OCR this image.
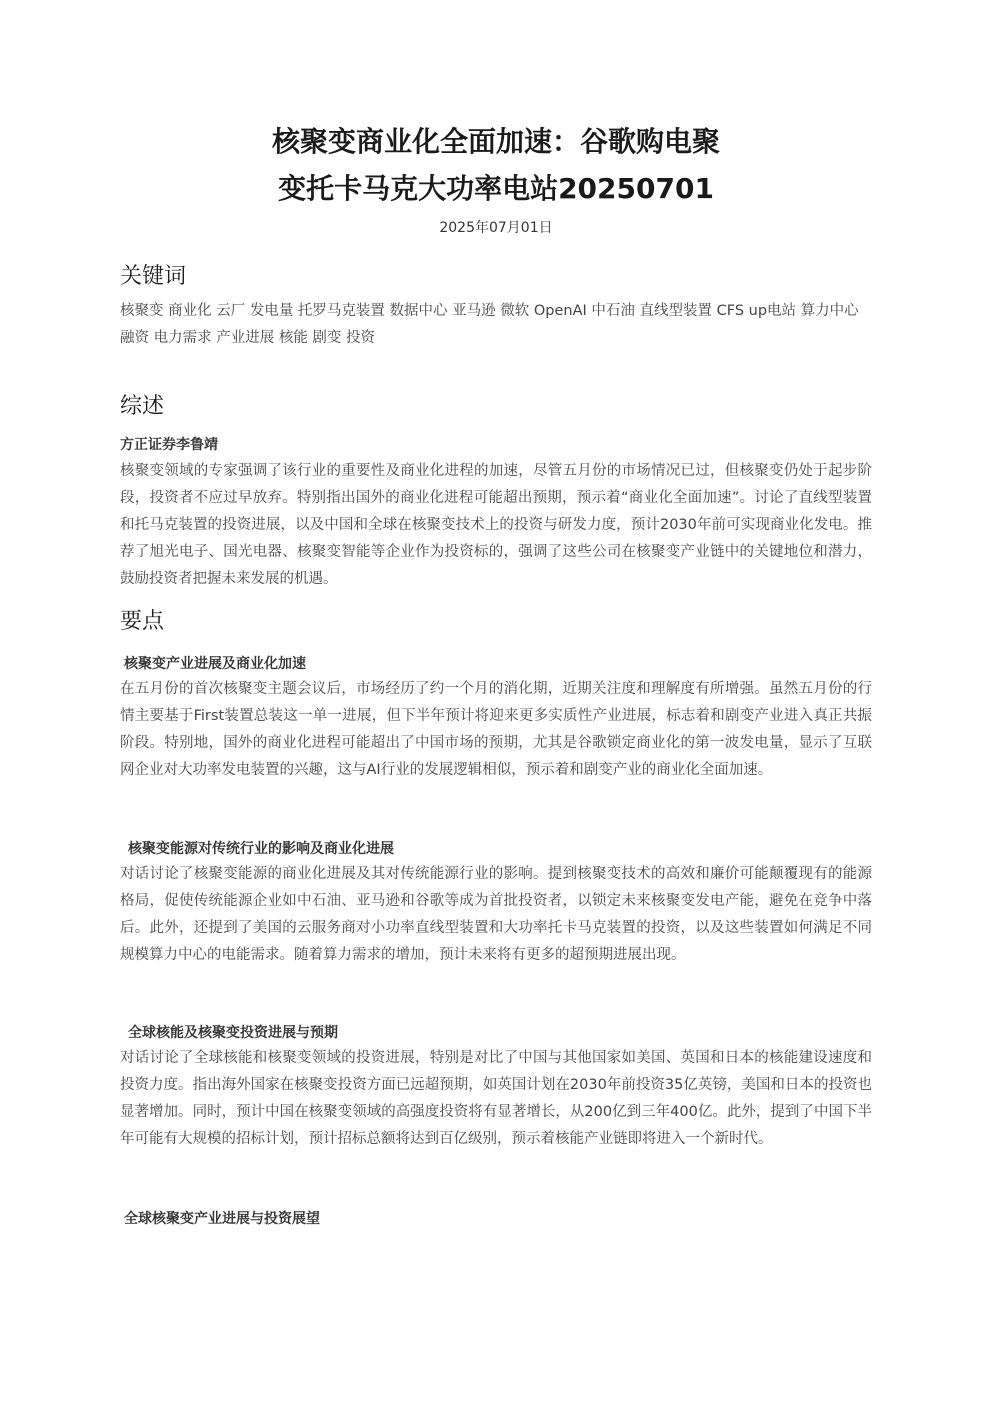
核聚变商业化全面加速：谷歌购电聚
变托卡马克大功率电站20250701
2025年07月01日
关键词
核聚变 商业化 云厂 发电量 托罗马克装置 数据中心 亚马逊 微软 OpenAI 中石油 直线型装置 CFS up电站 算力中心 融资 电力需求 产业进展 核能 剧变 投资
综述
方正证券李鲁靖

核聚变领域的专家强调了该行业的重要性及商业化进程的加速，尽管五月份的市场情况已过，但核聚变仍处于起步阶段，投资者不应过早放弃。特别指出国外的商业化进程可能超出预期，预示着“商业化全面加速”。讨论了直线型装置和托马克装置的投资进展，以及中国和全球在核聚变技术上的投资与研发力度，预计2030年前可实现商业化发电。推荐了旭光电子、国光电器、核聚变智能等企业作为投资标的，强调了这些公司在核聚变产业链中的关键地位和潜力，鼓励投资者把握未来发展的机遇。

要点
核聚变产业进展及商业化加速

在五月份的首次核聚变主题会议后，市场经历了约一个月的消化期，近期关注度和理解度有所增强。虽然五月份的行情主要基于First装置总装这一单一进展，但下半年预计将迎来更多实质性产业进展，标志着和剧变产业进入真正共振阶段。特别地，国外的商业化进程可能超出了中国市场的预期，尤其是谷歌锁定商业化的第一波发电量，显示了互联网企业对大功率发电装置的兴趣，这与AI行业的发展逻辑相似，预示着和剧变产业的商业化全面加速。

核聚变能源对传统行业的影响及商业化进展

对话讨论了核聚变能源的商业化进展及其对传统能源行业的影响。提到核聚变技术的高效和廉价可能颠覆现有的能源格局，促使传统能源企业如中石油、亚马逊和谷歌等成为首批投资者，以锁定未来核聚变发电产能，避免在竞争中落后。此外，还提到了美国的云服务商对小功率直线型装置和大功率托卡马克装置的投资，以及这些装置如何满足不同规模算力中心的电能需求。随着算力需求的增加，预计未来将有更多的超预期进展出现。

全球核能及核聚变投资进展与预期

对话讨论了全球核能和核聚变领域的投资进展，特别是对比了中国与其他国家如美国、英国和日本的核能建设速度和投资力度。指出海外国家在核聚变投资方面已远超预期，如英国计划在2030年前投资35亿英镑，美国和日本的投资也显著增加。同时，预计中国在核聚变领域的高强度投资将有显著增长，从200亿到三年400亿。此外，提到了中国下半年可能有大规模的招标计划，预计招标总额将达到百亿级别，预示着核能产业链即将进入一个新时代。

全球核聚变产业进展与投资展望
